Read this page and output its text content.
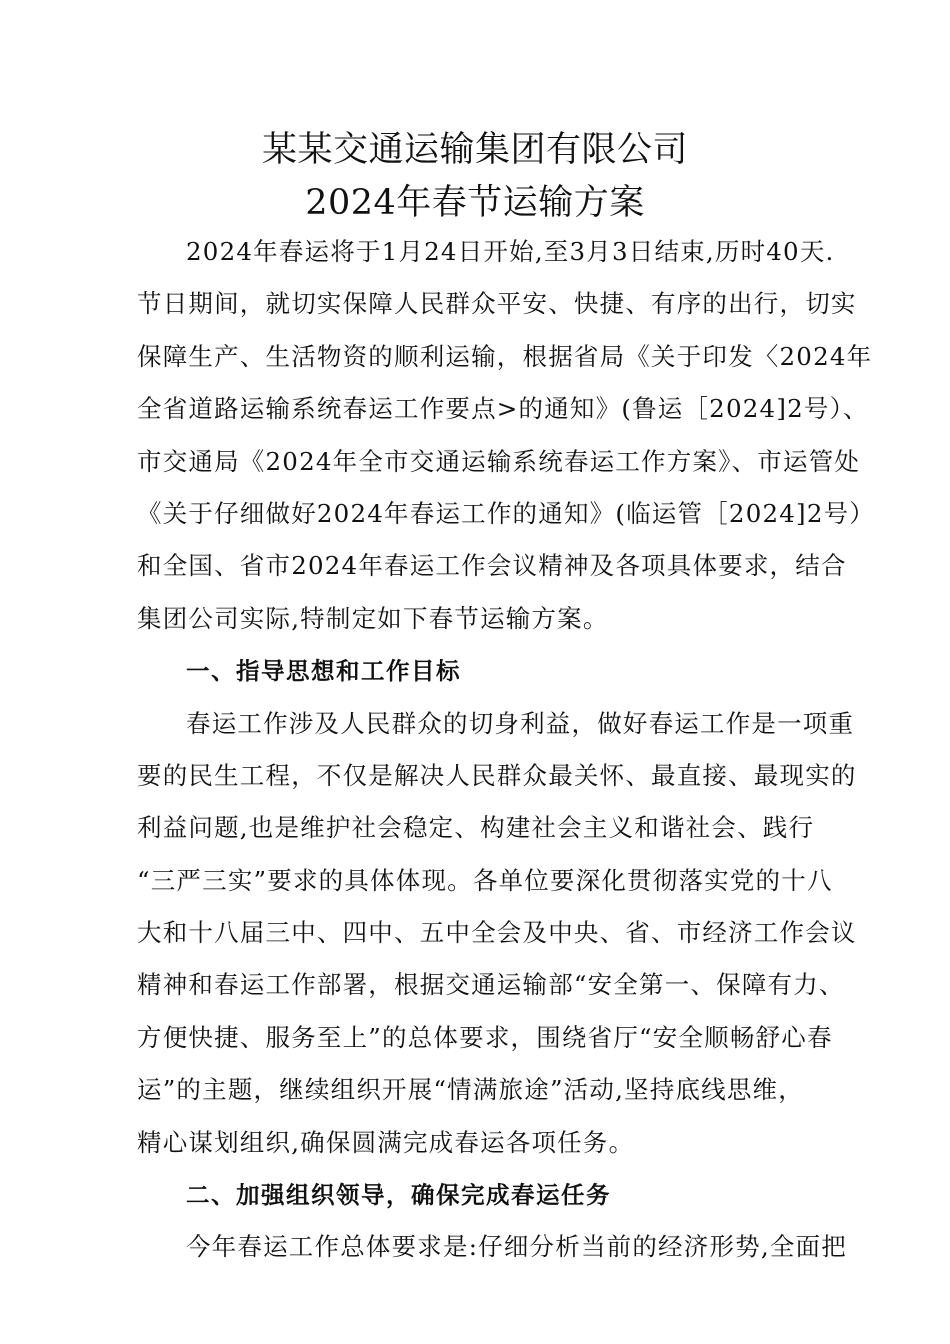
某某交通运输集团有限公司
2024年春节运输方案
2024年春运将于1月24日开始,至3月3日结束,历时40天.
节日期间，就切实保障人民群众平安、快捷、有序的出行，切实
保障生产、生活物资的顺利运输，根据省局《关于印发〈2024年
全省道路运输系统春运工作要点>的通知》(鲁运［2024]2号）、
市交通局《2024年全市交通运输系统春运工作方案》、市运管处
《关于仔细做好2024年春运工作的通知》(临运管［2024]2号）
和全国、省市2024年春运工作会议精神及各项具体要求，结合
集团公司实际,特制定如下春节运输方案。
一、指导思想和工作目标
春运工作涉及人民群众的切身利益，做好春运工作是一项重
要的民生工程，不仅是解决人民群众最关怀、最直接、最现实的
利益问题,也是维护社会稳定、构建社会主义和谐社会、践行
“三严三实”要求的具体体现。各单位要深化贯彻落实党的十八
大和十八届三中、四中、五中全会及中央、省、市经济工作会议
精神和春运工作部署，根据交通运输部“安全第一、保障有力、
方便快捷、服务至上”的总体要求，围绕省厅“安全顺畅舒心春
运”的主题，继续组织开展“情满旅途”活动,坚持底线思维，
精心谋划组织,确保圆满完成春运各项任务。
二、加强组织领导，确保完成春运任务
今年春运工作总体要求是:仔细分析当前的经济形势,全面把
